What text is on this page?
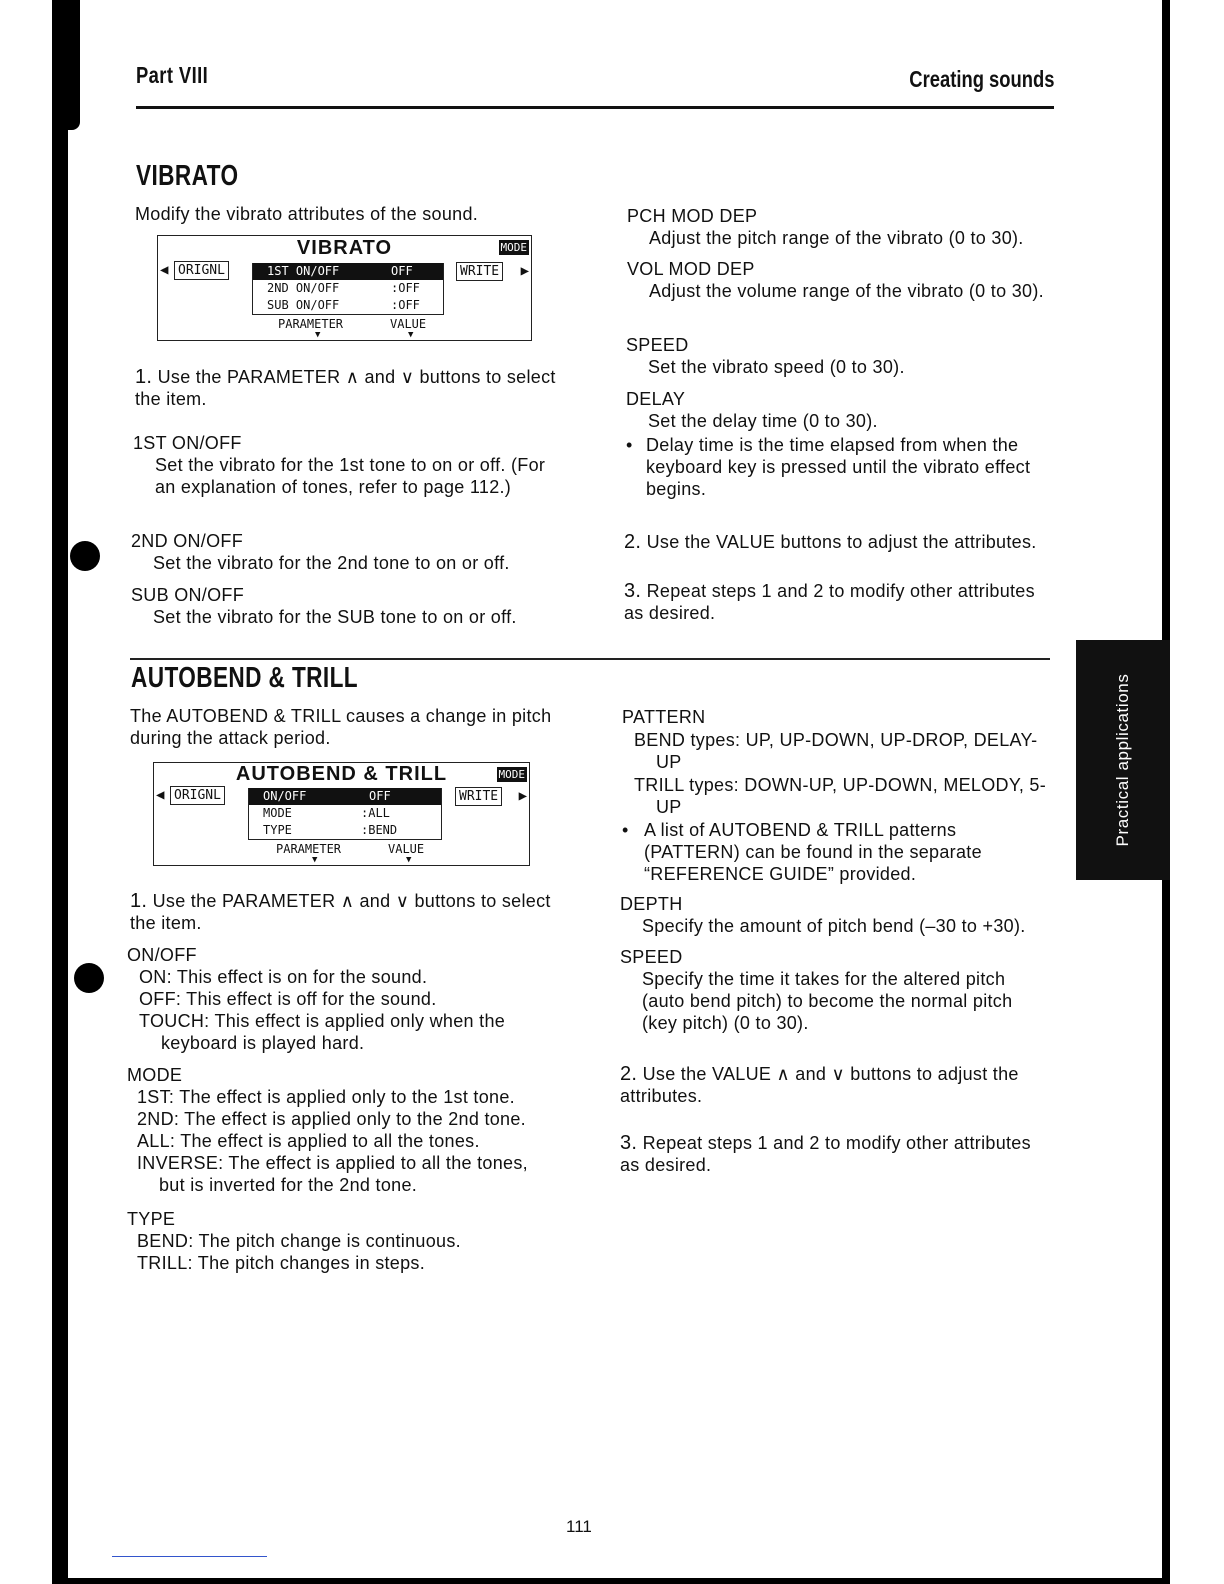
Part VIII	Creating sounds
VIBRATO
Modify the vibrato attributes of the sound.
VIBRATO	MODE
◀ ORIGNL	WRITE ▶
1ST ON/OFF	OFF
2ND ON/OFF	:OFF
SUB ON/OFF	:OFF
PARAMETER	VALUE
▼	▼
1. Use the PARAMETER ∧ and ∨ buttons to select the item.
1ST ON/OFF
Set the vibrato for the 1st tone to on or off. (For an explanation of tones, refer to page 112.)
2ND ON/OFF
Set the vibrato for the 2nd tone to on or off.
SUB ON/OFF
Set the vibrato for the SUB tone to on or off.
PCH MOD DEP
Adjust the pitch range of the vibrato (0 to 30).
VOL MOD DEP
Adjust the volume range of the vibrato (0 to 30).
SPEED
Set the vibrato speed (0 to 30).
DELAY
Set the delay time (0 to 30).
• Delay time is the time elapsed from when the keyboard key is pressed until the vibrato effect begins.
2. Use the VALUE buttons to adjust the attributes.
3. Repeat steps 1 and 2 to modify other attributes as desired.
Practical applications
AUTOBEND & TRILL
The AUTOBEND & TRILL causes a change in pitch during the attack period.
AUTOBEND & TRILL	MODE
◀ ORIGNL	WRITE ▶
ON/OFF	OFF
MODE	:ALL
TYPE	:BEND
PARAMETER	VALUE
▼	▼
1. Use the PARAMETER ∧ and ∨ buttons to select the item.
ON/OFF
ON: This effect is on for the sound.
OFF: This effect is off for the sound.
TOUCH: This effect is applied only when the keyboard is played hard.
MODE
1ST: The effect is applied only to the 1st tone.
2ND: The effect is applied only to the 2nd tone.
ALL: The effect is applied to all the tones.
INVERSE: The effect is applied to all the tones, but is inverted for the 2nd tone.
TYPE
BEND: The pitch change is continuous.
TRILL: The pitch changes in steps.
PATTERN
BEND types: UP, UP-DOWN, UP-DROP, DELAY-UP
TRILL types: DOWN-UP, UP-DOWN, MELODY, 5-UP
• A list of AUTOBEND & TRILL patterns (PATTERN) can be found in the separate “REFERENCE GUIDE” provided.
DEPTH
Specify the amount of pitch bend (–30 to +30).
SPEED
Specify the time it takes for the altered pitch (auto bend pitch) to become the normal pitch (key pitch) (0 to 30).
2. Use the VALUE ∧ and ∨ buttons to adjust the attributes.
3. Repeat steps 1 and 2 to modify other attributes as desired.
111
